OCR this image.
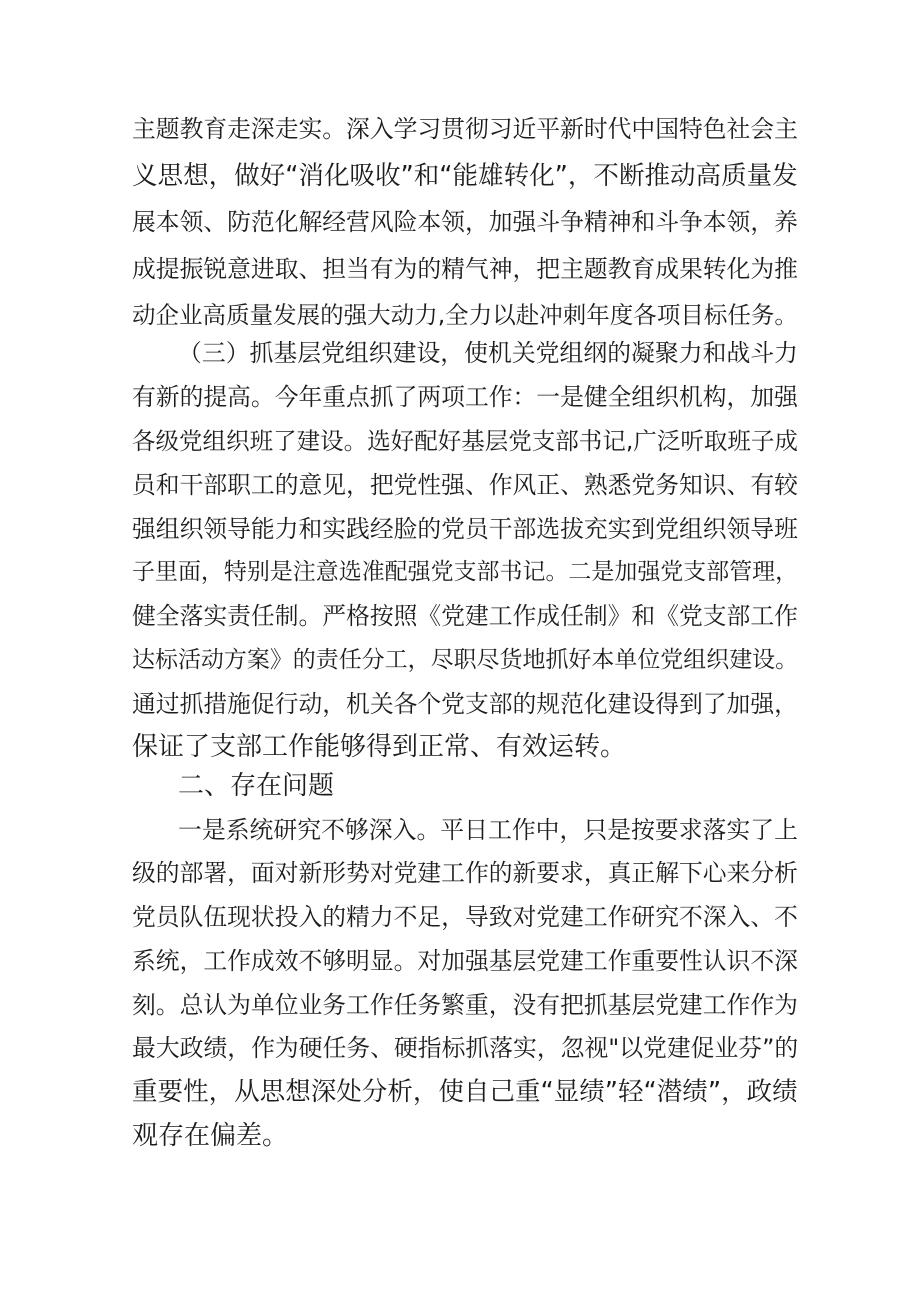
主题教育走深走实。深入学习贯彻习近平新时代中国特色社会主
义思想，做好“消化吸收”和“能雄转化”，不断推动高质量发
展本领、防范化解经营风险本领，加强斗争精神和斗争本领，养
成提振锐意进取、担当有为的精气神，把主题教育成果转化为推
动企业高质量发展的强大动力,全力以赴冲刺年度各项目标任务。
（三）抓基层党组织建设，使机关党组纲的凝聚力和战斗力
有新的提高。今年重点抓了两项工作：一是健全组织机构，加强
各级党组织班了建设。选好配好基层党支部书记,广泛听取班子成
员和干部职工的意见，把党性强、作风正、熟悉党务知识、有较
强组织领导能力和实践经脸的党员干部选拔充实到党组织领导班
子里面，特别是注意选准配强党支部书记。二是加强党支部管理，
健全落实责任制。严格按照《党建工作成任制》和《党支部工作
达标活动方案》的责任分工，尽职尽货地抓好本单位党组织建设。
通过抓措施促行动，机关各个党支部的规范化建设得到了加强，
保证了支部工作能够得到正常、有效运转。
二、存在问题
一是系统研究不够深入。平日工作中，只是按要求落实了上
级的部署，面对新形势对党建工作的新要求，真正解下心来分析
党员队伍现状投入的精力不足，导致对党建工作研究不深入、不
系统，工作成效不够明显。对加强基层党建工作重要性认识不深
刻。总认为单位业务工作任务繁重，没有把抓基层党建工作作为
最大政绩，作为硬任务、硬指标抓落实，忽视"以党建促业芬”的
重要性，从思想深处分析，使自己重“显绩”轻“潜绩”，政绩
观存在偏差。
